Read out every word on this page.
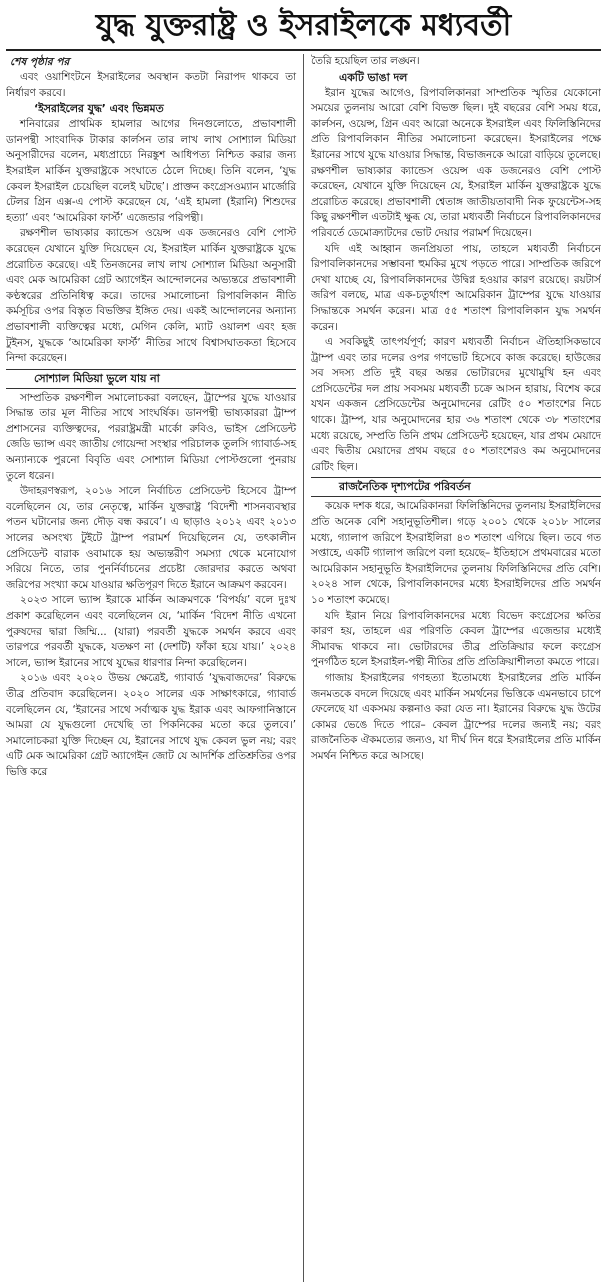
যুদ্ধ যুক্তরাষ্ট্র ও ইসরাইলকে মধ্যবর্তী

শেষ পৃষ্ঠার পর

এবং ওয়াশিংটনে ইসরাইলের অবস্থান কতটা নিরাপদ থাকবে তা নির্ধারণ করবে।

‘ইসরাইলের যুদ্ধ’ এবং ভিন্নমত

শনিবারের প্রাথমিক হামলার আগের দিনগুলোতে, প্রভাবশালী ডানপন্থী সাংবাদিক টাকার কার্লসন তার লাখ লাখ সোশ্যাল মিডিয়া অনুসারীদের বলেন, মধ্যপ্রাচ্যে নিরঙ্কুশ আধিপত্য নিশ্চিত করার জন্য ইসরাইল মার্কিন যুক্তরাষ্ট্রকে সংঘাতে ঠেলে দিচ্ছে। তিনি বলেন, ‘যুদ্ধ কেবল ইসরাইল চেয়েছিল বলেই ঘটছে’। প্রাক্তন কংগ্রেসওম্যান মার্জোরি টেলর গ্রিন এক্স-এ পোস্ট করেছেন যে, ‘এই হামলা (ইরানি) শিশুদের হত্যা’ এবং ‘আমেরিকা ফার্স্ট’ এজেন্ডার পরিপন্থী।

রক্ষণশীল ভাষ্যকার ক্যান্ডেস ওয়েন্স এক ডজনেরও বেশি পোস্ট করেছেন যেখানে যুক্তি দিয়েছেন যে, ইসরাইল মার্কিন যুক্তরাষ্ট্রকে যুদ্ধে প্ররোচিত করেছে। এই তিনজনের লাখ লাখ সোশ্যাল মিডিয়া অনুসারী এবং মেক আমেরিকা গ্রেট অ্যাগেইন আন্দোলনের অভ্যন্তরে প্রভাবশালী কণ্ঠস্বরের প্রতিনিধিত্ব করে। তাদের সমালোচনা রিপাবলিকান নীতি কর্মসূচির ওপর বিস্তৃত বিভক্তির ইঙ্গিত দেয়। একই আন্দোলনের অন্যান্য প্রভাবশালী ব্যক্তিত্বের মধ্যে, মেগিন কেলি, ম্যাট ওয়ালশ এবং হজ টুইনস, যুদ্ধকে ‘আমেরিকা ফার্স্ট’ নীতির সাথে বিশ্বাসঘাতকতা হিসেবে নিন্দা করেছেন।

সোশ্যাল মিডিয়া ভুলে যায় না

সাম্প্রতিক রক্ষণশীল সমালোচকরা বলছেন, ট্রাম্পের যুদ্ধে যাওয়ার সিদ্ধান্ত তার মূল নীতির সাথে সাংঘর্ষিক। ডানপন্থী ভাষ্যকাররা ট্রাম্প প্রশাসনের ব্যক্তিত্বদের, পররাষ্ট্রমন্ত্রী মার্কো রুবিও, ভাইস প্রেসিডেন্ট জেডি ভ্যান্স এবং জাতীয় গোয়েন্দা সংস্থার পরিচালক তুলসি গ্যাবার্ড-সহ অন্যান্যকে পুরনো বিবৃতি এবং সোশ্যাল মিডিয়া পোস্টগুলো পুনরায় তুলে ধরেন।

উদাহরণস্বরূপ, ২০১৬ সালে নির্বাচিত প্রেসিডেন্ট হিসেবে ট্রাম্প বলেছিলেন যে, তার নেতৃত্বে, মার্কিন যুক্তরাষ্ট্র ‘বিদেশী শাসনব্যবস্থার পতন ঘটানোর জন্য দৌড় বন্ধ করবে’। এ ছাড়াও ২০১২ এবং ২০১৩ সালের অসংখ্য টুইটে ট্রাম্প পরামর্শ দিয়েছিলেন যে, তৎকালীন প্রেসিডেন্ট বারাক ওবামাকে হয় অভ্যন্তরীণ সমস্যা থেকে মনোযোগ সরিয়ে নিতে, তার পুনর্নির্বাচনের প্রচেষ্টা জোরদার করতে অথবা জরিপের সংখ্যা কমে যাওয়ার ক্ষতিপূরণ দিতে ইরানে আক্রমণ করবেন।

২০২৩ সালে ভ্যান্স ইরাকে মার্কিন আক্রমণকে ‘বিপর্যয়’ বলে দুঃখ প্রকাশ করেছিলেন এবং বলেছিলেন যে, ‘মার্কিন ‘বিদেশ নীতি এখনো পুরুষদের দ্বারা জিম্মি... (যারা) পরবর্তী যুদ্ধকে সমর্থন করবে এবং তারপরে পরবর্তী যুদ্ধকে, যতক্ষণ না (দেশটি) ফাঁকা হয়ে যায়।’ ২০২৪ সালে, ভ্যান্স ইরানের সাথে যুদ্ধের ধারণার নিন্দা করেছিলেন।

২০১৬ এবং ২০২০ উভয় ক্ষেত্রেই, গ্যাবার্ড ‘যুদ্ধবাজদের’ বিরুদ্ধে তীব্র প্রতিবাদ করেছিলেন। ২০২০ সালের এক সাক্ষাৎকারে, গ্যাবার্ড বলেছিলেন যে, ‘ইরানের সাথে সর্বাত্মক যুদ্ধ ইরাক এবং আফগানিস্তানে আমরা যে যুদ্ধগুলো দেখেছি তা পিকনিকের মতো করে তুলবে।’ সমালোচকরা যুক্তি দিচ্ছেন যে, ইরানের সাথে যুদ্ধ কেবল ভুল নয়; বরং এটি মেক আমেরিকা গ্রেট অ্যাগেইন জোট যে আদর্শিক প্রতিশ্রুতির ওপর ভিত্তি করে

তৈরি হয়েছিল তার লঙ্ঘন।

একটি ভাঙা দল

ইরান যুদ্ধের আগেও, রিপাবলিকানরা সাম্প্রতিক স্মৃতির যেকোনো সময়ের তুলনায় আরো বেশি বিভক্ত ছিল। দুই বছরের বেশি সময় ধরে, কার্লসন, ওয়েন্স, গ্রিন এবং আরো অনেকে ইসরাইল এবং ফিলিস্তিনিদের প্রতি রিপাবলিকান নীতির সমালোচনা করেছেন। ইসরাইলের পক্ষে ইরানের সাথে যুদ্ধে যাওয়ার সিদ্ধান্ত, বিভাজনকে আরো বাড়িয়ে তুলেছে। রক্ষণশীল ভাষ্যকার ক্যান্ডেস ওয়েন্স এক ডজনেরও বেশি পোস্ট করেছেন, যেখানে যুক্তি দিয়েছেন যে, ইসরাইল মার্কিন যুক্তরাষ্ট্রকে যুদ্ধে প্ররোচিত করেছে। প্রভাবশালী শ্বেতাঙ্গ জাতীয়তাবাদী নিক ফুয়েন্টেস-সহ কিছু রক্ষণশীল এতটাই ক্ষুব্ধ যে, তারা মধ্যবর্তী নির্বাচনে রিপাবলিকানদের পরিবর্তে ডেমোক্র্যাটদের ভোট দেয়ার পরামর্শ দিয়েছেন।

যদি এই আহ্বান জনপ্রিয়তা পায়, তাহলে মধ্যবর্তী নির্বাচনে রিপাবলিকানদের সম্ভাবনা হুমকির মুখে পড়তে পারে। সাম্প্রতিক জরিপে দেখা যাচ্ছে যে, রিপাবলিকানদের উদ্বিগ্ন হওয়ার কারণ রয়েছে। রয়টার্স জরিপ বলছে, মাত্র এক-চতুর্থাংশ আমেরিকান ট্রাম্পের যুদ্ধে যাওয়ার সিদ্ধান্তকে সমর্থন করেন। মাত্র ৫৫ শতাংশ রিপাবলিকান যুদ্ধ সমর্থন করেন।

এ সবকিছুই তাৎপর্যপূর্ণ; কারণ মধ্যবর্তী নির্বাচন ঐতিহাসিকভাবে ট্রাম্প এবং তার দলের ওপর গণভোট হিসেবে কাজ করেছে। হাউজের সব সদস্য প্রতি দুই বছর অন্তর ভোটারদের মুখোমুখি হন এবং প্রেসিডেন্টের দল প্রায় সবসময় মধ্যবর্তী চক্রে আসন হারায়, বিশেষ করে যখন একজন প্রেসিডেন্টের অনুমোদনের রেটিং ৫০ শতাংশের নিচে থাকে। ট্রাম্প, যার অনুমোদনের হার ৩৬ শতাংশ থেকে ৩৮ শতাংশের মধ্যে রয়েছে, সম্প্রতি তিনি প্রথম প্রেসিডেন্ট হয়েছেন, যার প্রথম মেয়াদে এবং দ্বিতীয় মেয়াদের প্রথম বছরে ৫০ শতাংশেরও কম অনুমোদনের রেটিং ছিল।

রাজনৈতিক দৃশ্যপটের পরিবর্তন

কয়েক দশক ধরে, আমেরিকানরা ফিলিস্তিনিদের তুলনায় ইসরাইলিদের প্রতি অনেক বেশি সহানুভূতিশীল। গড়ে ২০০১ থেকে ২০১৮ সালের মধ্যে, গ্যালাপ জরিপে ইসরাইলিরা ৪৩ শতাংশ এগিয়ে ছিল। তবে গত সপ্তাহে, একটি গ্যালাপ জরিপে বলা হয়েছে– ইতিহাসে প্রথমবারের মতো আমেরিকান সহানুভূতি ইসরাইলিদের তুলনায় ফিলিস্তিনিদের প্রতি বেশি। ২০২৪ সাল থেকে, রিপাবলিকানদের মধ্যে ইসরাইলিদের প্রতি সমর্থন ১০ শতাংশ কমেছে।

যদি ইরান নিয়ে রিপাবলিকানদের মধ্যে বিভেদ কংগ্রেসের ক্ষতির কারণ হয়, তাহলে এর পরিণতি কেবল ট্রাম্পের এজেন্ডার মধ্যেই সীমাবদ্ধ থাকবে না। ভোটারদের তীব্র প্রতিক্রিয়ার ফলে কংগ্রেস পুনর্গঠিত হলে ইসরাইল-পন্থী নীতির প্রতি প্রতিক্রিয়াশীলতা কমতে পারে।

গাজায় ইসরাইলের গণহত্যা ইতোমধ্যে ইসরাইলের প্রতি মার্কিন জনমতকে বদলে দিয়েছে এবং মার্কিন সমর্থনের ভিত্তিকে এমনভাবে চাপে ফেলেছে যা একসময় কল্পনাও করা যেত না। ইরানের বিরুদ্ধে যুদ্ধ উটের কোমর ভেঙে দিতে পারে– কেবল ট্রাম্পের দলের জন্যই নয়; বরং রাজনৈতিক ঐকমত্যের জন্যও, যা দীর্ঘ দিন ধরে ইসরাইলের প্রতি মার্কিন সমর্থন নিশ্চিত করে আসছে।
